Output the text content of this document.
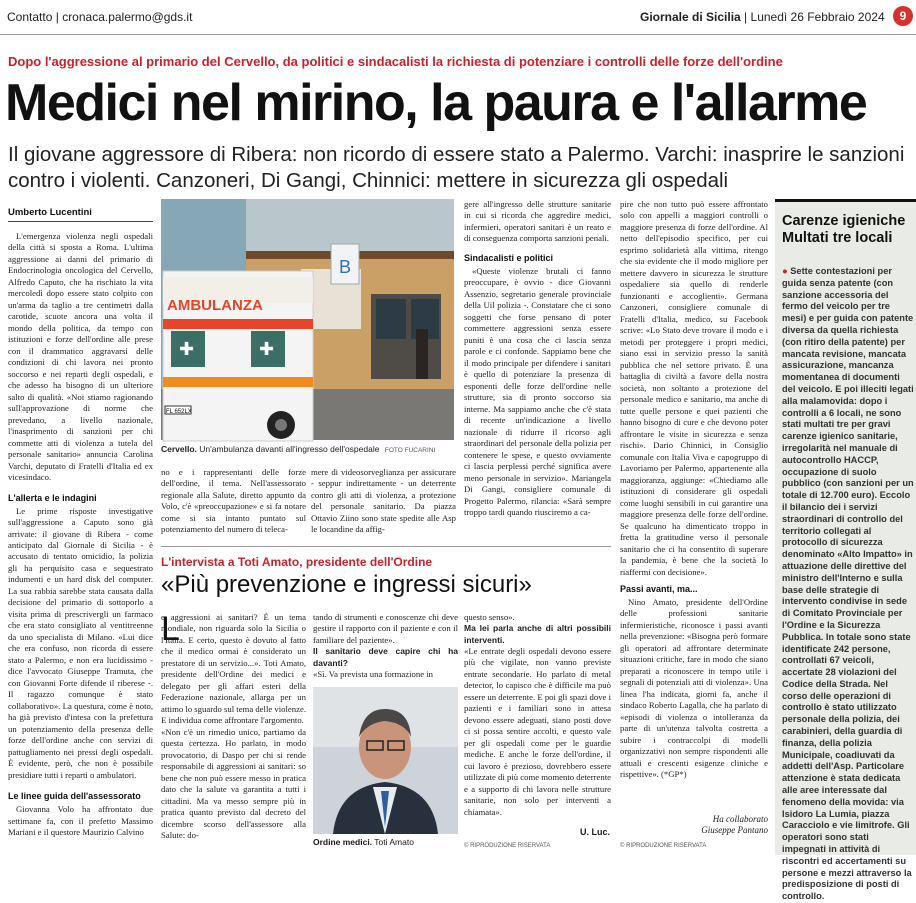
Contatto | cronaca.palermo@gds.it	Giornale di Sicilia | Lunedì 26 Febbraio 2024	9
Dopo l'aggressione al primario del Cervello, da politici e sindacalisti la richiesta di potenziare i controlli delle forze dell'ordine
Medici nel mirino, la paura e l'allarme
Il giovane aggressore di Ribera: non ricordo di essere stato a Palermo. Varchi: inasprire le sanzioni contro i violenti. Canzoneri, Di Gangi, Chinnici: mettere in sicurezza gli ospedali
Umberto Lucentini

L'emergenza violenza negli ospedali della città si sposta a Roma. L'ultima aggressione ai danni del primario di Endocrinologia oncologica del Cervello, Alfredo Caputo, che ha rischiato la vita mercoledì dopo essere stato colpito con un'arma da taglio a tre centimetri dalla carotide, scuote ancora una volta il mondo della politica, da tempo con istituzioni e forze dell'ordine alle prese con il drammatico aggravarsi delle condizioni di chi lavora nei pronto soccorso e nei reparti degli ospedali, e che adesso ha bisogno di un ulteriore salto di qualità. «Noi stiamo ragionando sull'approvazione di norme che prevedano, a livello nazionale, l'inasprimento di sanzioni per chi commette atti di violenza a tutela del personale sanitario» annuncia Carolina Varchi, deputato di Fratelli d'Italia ed ex vicesindaco.

L'allerta e le indagini

Le prime risposte investigative sull'aggressione a Caputo sono già arrivate: il giovane di Ribera - come anticipato dal Giornale di Sicilia - è accusato di tentato omicidio, la polizia gli ha perquisito casa e sequestrato indumenti e un hard disk del computer. La sua rabbia sarebbe stata causata dalla decisione del primario di sottoporlo a visita prima di prescrivergli un farmaco che era stato consigliato al ventitreenne da uno specialista di Milano. «Lui dice che era confuso, non ricorda di essere stato a Palermo, e non era lucidissimo - dice l'avvocato Giuseppe Tramuta, che con Giovanni Forte difende il riberese -. Il ragazzo comunque è stato collaborativo». La questura, come è noto, ha già previsto d'intesa con la prefettura un potenziamento della presenza delle forze dell'ordine anche con servizi di pattugliamento nei pressi degli ospedali. È evidente, però, che non è possibile presidiare tutti i reparti o ambulatori.

Le linee guida dell'assessorato

Giovanna Volo ha affrontato due settimane fa, con il prefetto Massimo Mariani e il questore Maurizio Calvino

B
AMBULANZA
✚	✚
FL 652LX
Cervello. Un'ambulanza davanti all'ingresso dell'ospedale FOTO FUCARINI

no e i rappresentanti delle forze dell'ordine, il tema. Nell'assessorato regionale alla Salute, diretto appunto da Volo, c'è «preoccupazione» e si fa notare come si sia intanto puntato sul potenziamento del numero di teleca-

mere di videosorveglianza per assicurare - seppur indirettamente - un deterrente contro gli atti di violenza, a protezione del personale sanitario. Da piazza Ottavio Ziino sono state spedite alle Asp le locandine da affig-

gere all'ingresso delle strutture sanitarie in cui si ricorda che aggredire medici, infermieri, operatori sanitari è un reato e di conseguenza comporta sanzioni penali.

Sindacalisti e politici

«Queste violenze brutali ci fanno preoccupare, è ovvio - dice Giovanni Assenzio, segretario generale provinciale della Uil polizia -. Constatare che ci sono soggetti che forse pensano di poter commettere aggressioni senza essere puniti è una cosa che ci lascia senza parole e ci confonde. Sappiamo bene che il modo principale per difendere i sanitari è quello di potenziare la presenza di esponenti delle forze dell'ordine nelle strutture, sia di pronto soccorso sia interne. Ma sappiamo anche che c'è stata di recente un'indicazione a livello nazionale di ridurre il ricorso agli straordinari del personale della polizia per contenere le spese, e questo ovviamente ci lascia perplessi perché significa avere meno personale in servizio». Mariangela Di Gangi, consigliere comunale di Progetto Palermo, rilancia: «Sarà sempre troppo tardi quando riusciremo a ca-

pire che non tutto può essere affrontato solo con appelli a maggiori controlli o maggiore presenza di forze dell'ordine. Al netto dell'episodio specifico, per cui esprimo solidarietà alla vittima, ritengo che sia evidente che il modo migliore per mettere davvero in sicurezza le strutture ospedaliere sia quello di renderle funzionanti e accoglienti». Germana Canzoneri, consigliere comunale di Fratelli d'Italia, medico, su Facebook scrive: «Lo Stato deve trovare il modo e i metodi per proteggere i propri medici, siano essi in servizio presso la sanità pubblica che nel settore privato. È una battaglia di civiltà a favore della nostra società, non soltanto a protezione del personale medico e sanitario, ma anche di tutte quelle persone e quei pazienti che hanno bisogno di cure e che devono poter affrontare le visite in sicurezza e senza rischi». Dario Chinnici, in Consiglio comunale con Italia Viva e capogruppo di Lavoriamo per Palermo, appartenente alla maggioranza, aggiunge: «Chiediamo alle istituzioni di considerare gli ospedali come luoghi sensibili in cui garantire una maggiore presenza delle forze dell'ordine. Se qualcuno ha dimenticato troppo in fretta la gratitudine verso il personale sanitario che ci ha consentito di superare la pandemia, è bene che la società lo riaffermi con decisione».

Passi avanti, ma...

Nino Amato, presidente dell'Ordine delle professioni sanitarie infermieristiche, riconosce i passi avanti nella prevenzione: «Bisogna però formare gli operatori ad affrontare determinate situazioni critiche, fare in modo che siano preparati a riconoscere in tempo utile i segnali di potenziali atti di violenza». Una linea l'ha indicata, giorni fa, anche il sindaco Roberto Lagalla, che ha parlato di «episodi di violenza o intolleranza da parte di un'utenza talvolta costretta a subire i contraccolpi di modelli organizzativi non sempre rispondenti alle attuali e crescenti esigenze cliniche e rispettive». (*GP*)

Ha collaborato
Giuseppe Pantano
© RIPRODUZIONE RISERVATA
L'intervista a Toti Amato, presidente dell'Ordine
«Più prevenzione e ingressi sicuri»
L

e aggressioni ai sanitari? È un tema mondiale, non riguarda solo la Sicilia o l'Italia. E certo, questo è dovuto al fatto che il medico ormai è considerato un prestatore di un servizio...». Toti Amato, presidente dell'Ordine dei medici e delegato per gli affari esteri della Federazione nazionale, allarga per un attimo lo sguardo sul tema delle violenze. E individua come affrontare l'argomento.
«Non c'è un rimedio unico, partiamo da questa certezza. Ho parlato, in modo provocatorio, di Daspo per chi si rende responsabile di aggressioni ai sanitari: so bene che non può essere messo in pratica dato che la salute va garantita a tutti i cittadini. Ma va messo sempre più in pratica quanto previsto dal decreto del dicembre scorso dell'assessore alla Salute: do-

tando di strumenti e conoscenze chi deve gestire il rapporto con il paziente e con il familiare del paziente».

Il sanitario deve capire chi ha davanti?

«Sì. Va prevista una formazione in

Ordine medici. Toti Amato

questo senso».

Ma lei parla anche di altri possibili interventi.

«Le entrate degli ospedali devono essere più che vigilate, non vanno previste entrate secondarie. Ho parlato di metal detector, lo capisco che è difficile ma può essere un deterrente. E poi gli spazi dove i pazienti e i familiari sono in attesa devono essere adeguati, siano posti dove ci si possa sentire accolti, e questo vale per gli ospedali come per le guardie mediche. E anche le forze dell'ordine, il cui lavoro è prezioso, dovrebbero essere utilizzate di più come momento deterrente e a supporto di chi lavora nelle strutture sanitarie, non solo per interventi a chiamata».

U. Luc.
© RIPRODUZIONE RISERVATA
Carenze igieniche
Multati tre locali
● Sette contestazioni per guida senza patente (con sanzione accessoria del fermo del veicolo per tre mesi) e per guida con patente diversa da quella richiesta (con ritiro della patente) per mancata revisione, mancata assicurazione, mancanza momentanea di documenti del veicolo. E poi illeciti legati alla malamovida: dopo i controlli a 6 locali, ne sono stati multati tre per gravi carenze igienico sanitarie, irregolarità nel manuale di autocontrollo HACCP, occupazione di suolo pubblico (con sanzioni per un totale di 12.700 euro). Eccolo il bilancio dei i servizi straordinari di controllo del territorio collegati al protocollo di sicurezza denominato «Alto Impatto» in attuazione delle direttive del ministro dell'Interno e sulla base delle strategie di intervento condivise in sede di Comitato Provinciale per l'Ordine e la Sicurezza Pubblica. In totale sono state identificate 242 persone, controllati 67 veicoli, accertate 28 violazioni del Codice della Strada. Nel corso delle operazioni di controllo è stato utilizzato personale della polizia, dei carabinieri, della guardia di finanza, della polizia Municipale, coadiuvati da addetti dell'Asp. Particolare attenzione è stata dedicata alle aree interessate dal fenomeno della movida: via Isidoro La Lumia, piazza Caracciolo e vie limitrofe. Gli operatori sono stati impegnati in attività di riscontri ed accertamenti su persone e mezzi attraverso la predisposizione di posti di controllo.
